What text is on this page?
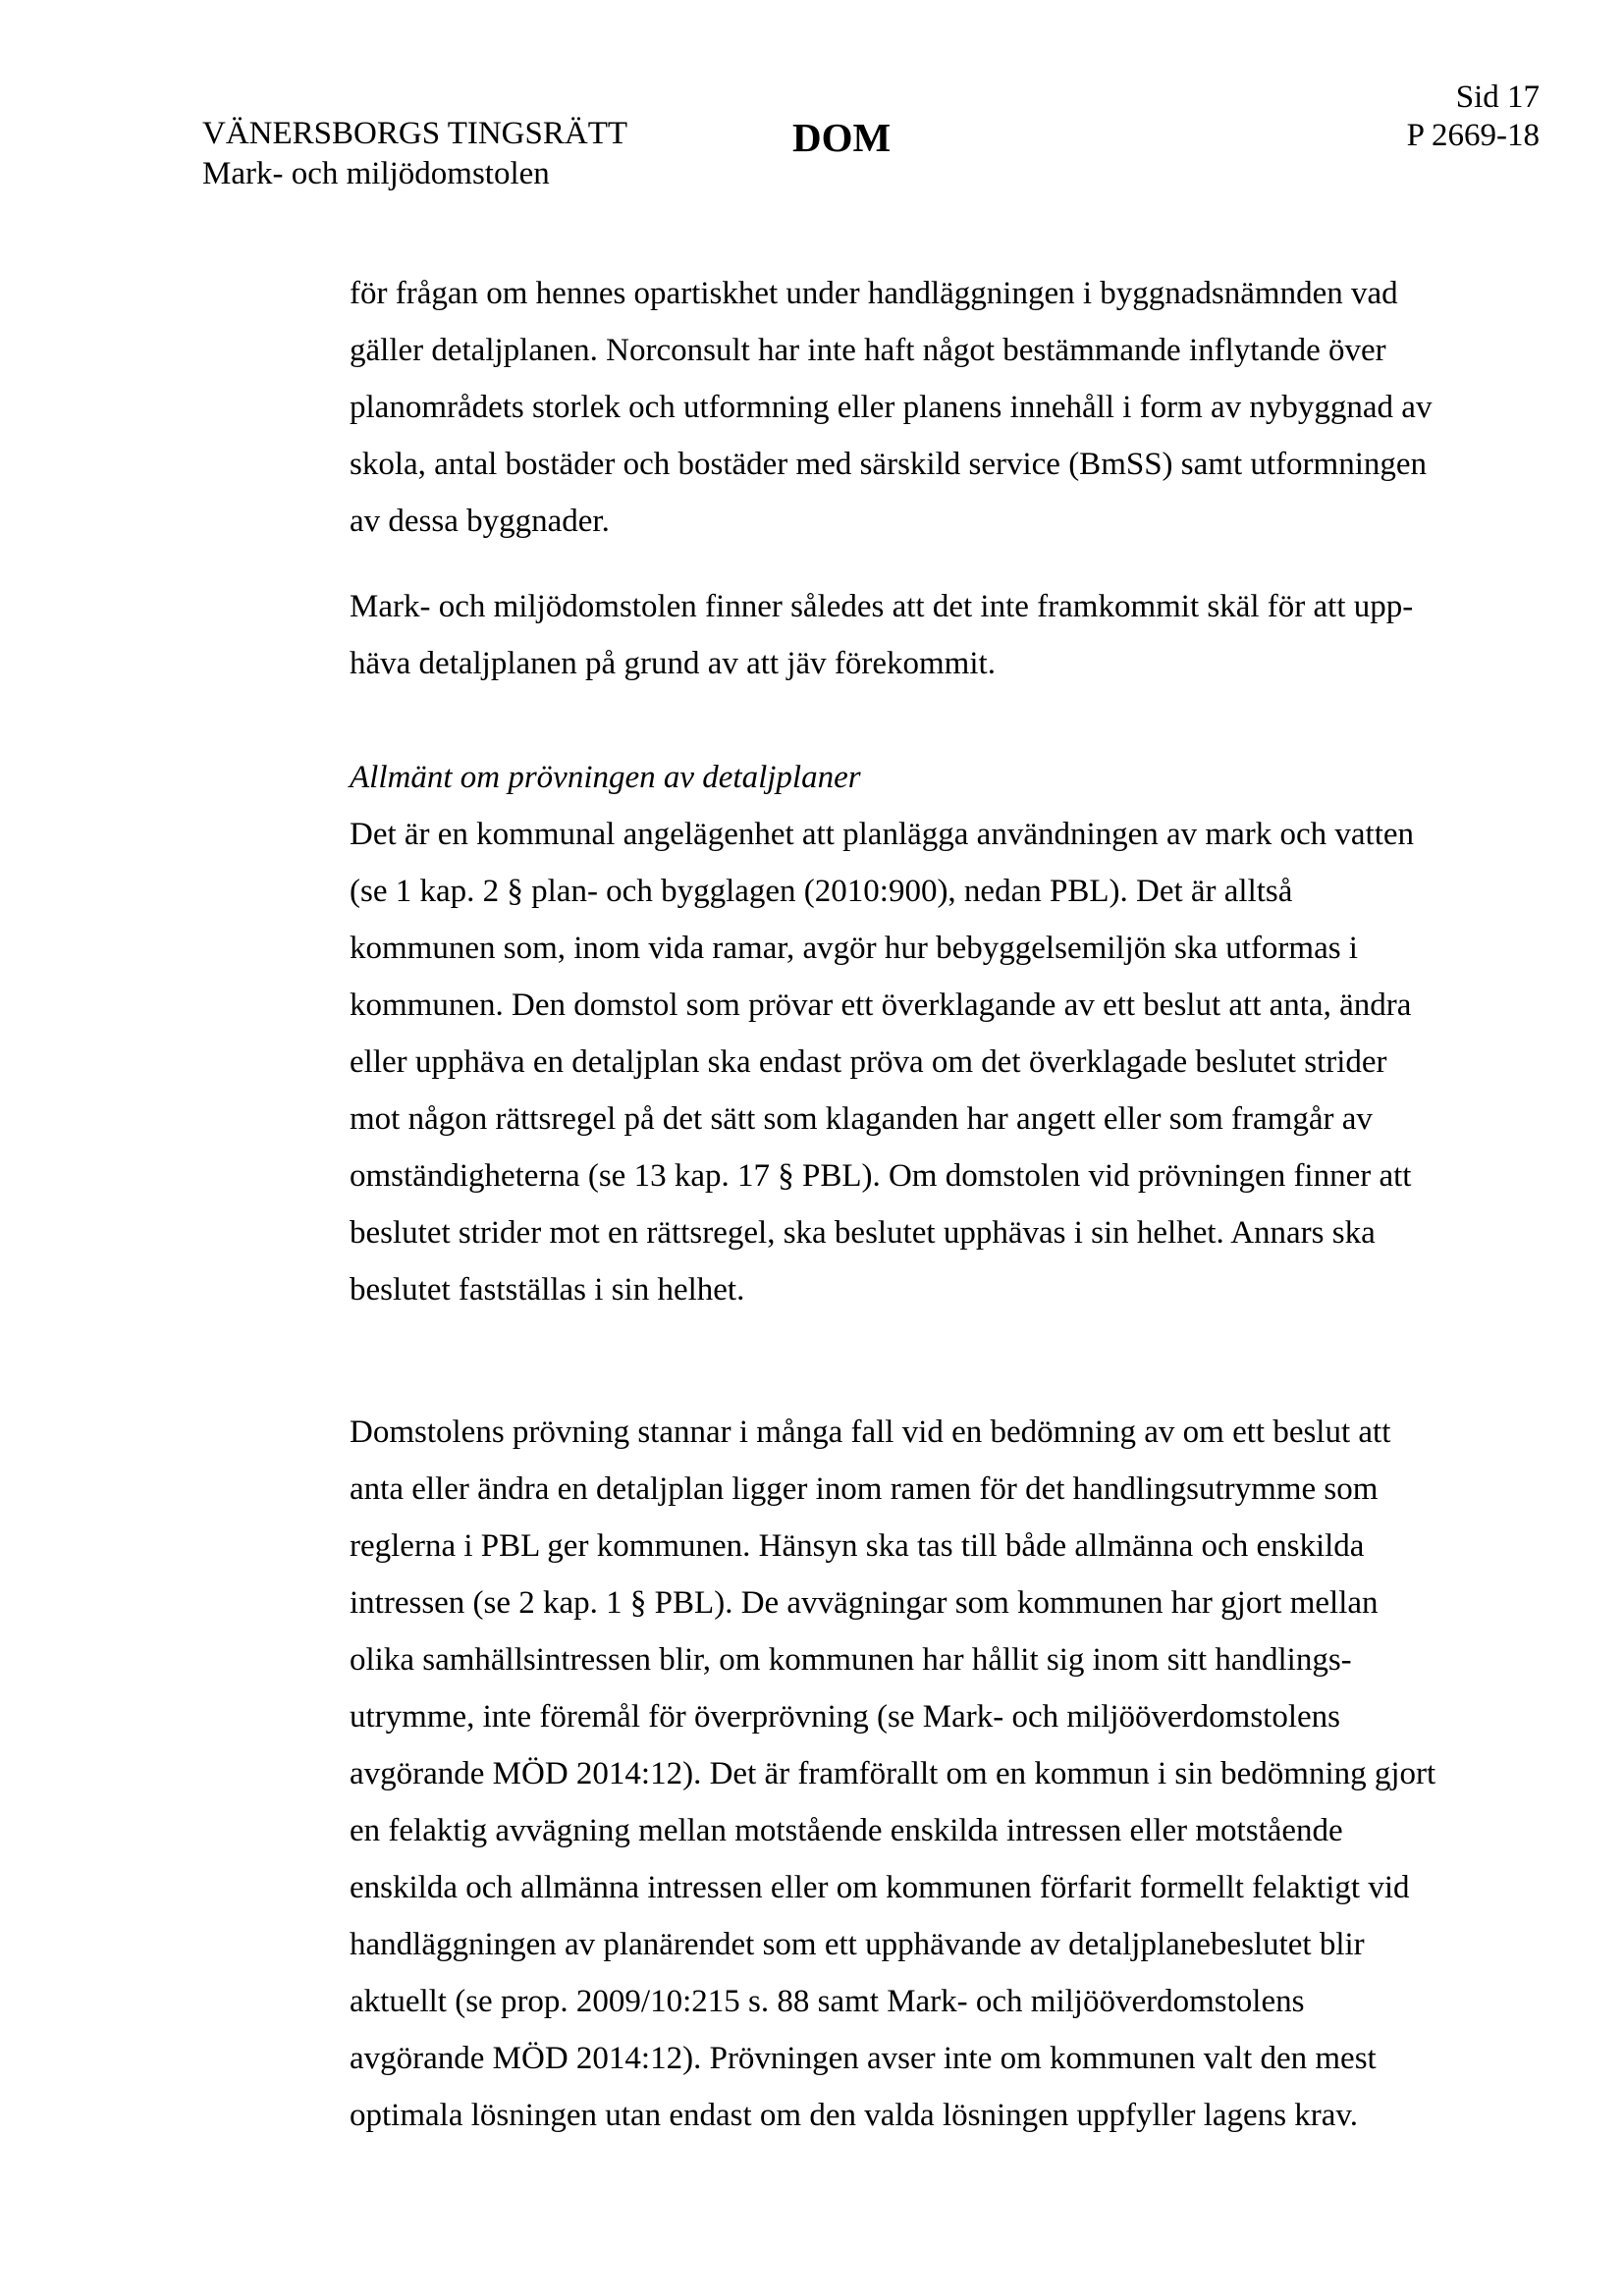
VÄNERSBORGS TINGSRÄTT
Mark- och miljödomstolen
DOM
Sid 17
P 2669-18
för frågan om hennes opartiskhet under handläggningen i byggnadsnämnden vad
gäller detaljplanen. Norconsult har inte haft något bestämmande inflytande över
planområdets storlek och utformning eller planens innehåll i form av nybyggnad av
skola, antal bostäder och bostäder med särskild service (BmSS) samt utformningen
av dessa byggnader.
Mark- och miljödomstolen finner således att det inte framkommit skäl för att upp-
häva detaljplanen på grund av att jäv förekommit.
Allmänt om prövningen av detaljplaner
Det är en kommunal angelägenhet att planlägga användningen av mark och vatten
(se 1 kap. 2 § plan- och bygglagen (2010:900), nedan PBL). Det är alltså
kommunen som, inom vida ramar, avgör hur bebyggelsemiljön ska utformas i
kommunen. Den domstol som prövar ett överklagande av ett beslut att anta, ändra
eller upphäva en detaljplan ska endast pröva om det överklagade beslutet strider
mot någon rättsregel på det sätt som klaganden har angett eller som framgår av
omständigheterna (se 13 kap. 17 § PBL). Om domstolen vid prövningen finner att
beslutet strider mot en rättsregel, ska beslutet upphävas i sin helhet. Annars ska
beslutet fastställas i sin helhet.
Domstolens prövning stannar i många fall vid en bedömning av om ett beslut att
anta eller ändra en detaljplan ligger inom ramen för det handlingsutrymme som
reglerna i PBL ger kommunen. Hänsyn ska tas till både allmänna och enskilda
intressen (se 2 kap. 1 § PBL). De avvägningar som kommunen har gjort mellan
olika samhällsintressen blir, om kommunen har hållit sig inom sitt handlings-
utrymme, inte föremål för överprövning (se Mark- och miljööverdomstolens
avgörande MÖD 2014:12). Det är framförallt om en kommun i sin bedömning gjort
en felaktig avvägning mellan motstående enskilda intressen eller motstående
enskilda och allmänna intressen eller om kommunen förfarit formellt felaktigt vid
handläggningen av planärendet som ett upphävande av detaljplanebeslutet blir
aktuellt (se prop. 2009/10:215 s. 88 samt Mark- och miljööverdomstolens
avgörande MÖD 2014:12). Prövningen avser inte om kommunen valt den mest
optimala lösningen utan endast om den valda lösningen uppfyller lagens krav.
